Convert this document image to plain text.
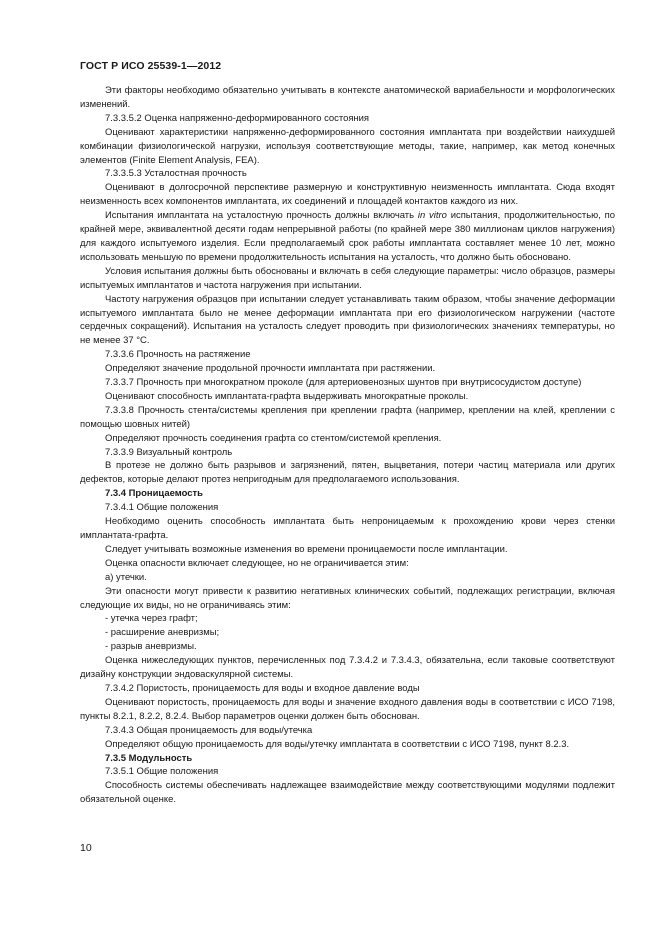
ГОСТ Р ИСО 25539-1—2012

Эти факторы необходимо обязательно учитывать в контексте анатомической вариабельности и морфологических изменений.

7.3.3.5.2 Оценка напряженно-деформированного состояния

Оценивают характеристики напряженно-деформированного состояния имплантата при воздействии наихудшей комбинации физиологической нагрузки, используя соответствующие методы, такие, например, как метод конечных элементов (Finite Element Analysis, FEA).

7.3.3.5.3 Усталостная прочность

Оценивают в долгосрочной перспективе размерную и конструктивную неизменность имплантата. Сюда входят неизменность всех компонентов имплантата, их соединений и площадей контактов каждого из них.

Испытания имплантата на усталостную прочность должны включать in vitro испытания, продолжительностью, по крайней мере, эквивалентной десяти годам непрерывной работы (по крайней мере 380 миллионам циклов нагружения) для каждого испытуемого изделия. Если предполагаемый срок работы имплантата составляет менее 10 лет, можно использовать меньшую по времени продолжительность испытания на усталость, что должно быть обосновано.

Условия испытания должны быть обоснованы и включать в себя следующие параметры: число образцов, размеры испытуемых имплантатов и частота нагружения при испытании.

Частоту нагружения образцов при испытании следует устанавливать таким образом, чтобы значение деформации испытуемого имплантата было не менее деформации имплантата при его физиологическом нагружении (частоте сердечных сокращений). Испытания на усталость следует проводить при физиологических значениях температуры, но не менее 37 °С.

7.3.3.6 Прочность на растяжение

Определяют значение продольной прочности имплантата при растяжении.

7.3.3.7 Прочность при многократном проколе (для артериовенозных шунтов при внутрисосудистом доступе)

Оценивают способность имплантата-графта выдерживать многократные проколы.

7.3.3.8 Прочность стента/системы крепления при креплении графта (например, креплении на клей, креплении с помощью шовных нитей)

Определяют прочность соединения графта со стентом/системой крепления.

7.3.3.9 Визуальный контроль

В протезе не должно быть разрывов и загрязнений, пятен, выцветания, потери частиц материала или других дефектов, которые делают протез непригодным для предполагаемого использования.

7.3.4 Проницаемость

7.3.4.1 Общие положения

Необходимо оценить способность имплантата быть непроницаемым к прохождению крови через стенки имплантата-графта.

Следует учитывать возможные изменения во времени проницаемости после имплантации.

Оценка опасности включает следующее, но не ограничивается этим:

а) утечки.

Эти опасности могут привести к развитию негативных клинических событий, подлежащих регистрации, включая следующие их виды, но не ограничиваясь этим:

- утечка через графт;

- расширение аневризмы;

- разрыв аневризмы.

Оценка нижеследующих пунктов, перечисленных под 7.3.4.2 и 7.3.4.3, обязательна, если таковые соответствуют дизайну конструкции эндоваскулярной системы.

7.3.4.2 Пористость, проницаемость для воды и входное давление воды

Оценивают пористость, проницаемость для воды и значение входного давления воды в соответствии с ИСО 7198, пункты 8.2.1, 8.2.2, 8.2.4. Выбор параметров оценки должен быть обоснован.

7.3.4.3 Общая проницаемость для воды/утечка

Определяют общую проницаемость для воды/утечку имплантата в соответствии с ИСО 7198, пункт 8.2.3.

7.3.5 Модульность

7.3.5.1 Общие положения

Способность системы обеспечивать надлежащее взаимодействие между соответствующими модулями подлежит обязательной оценке.

10
